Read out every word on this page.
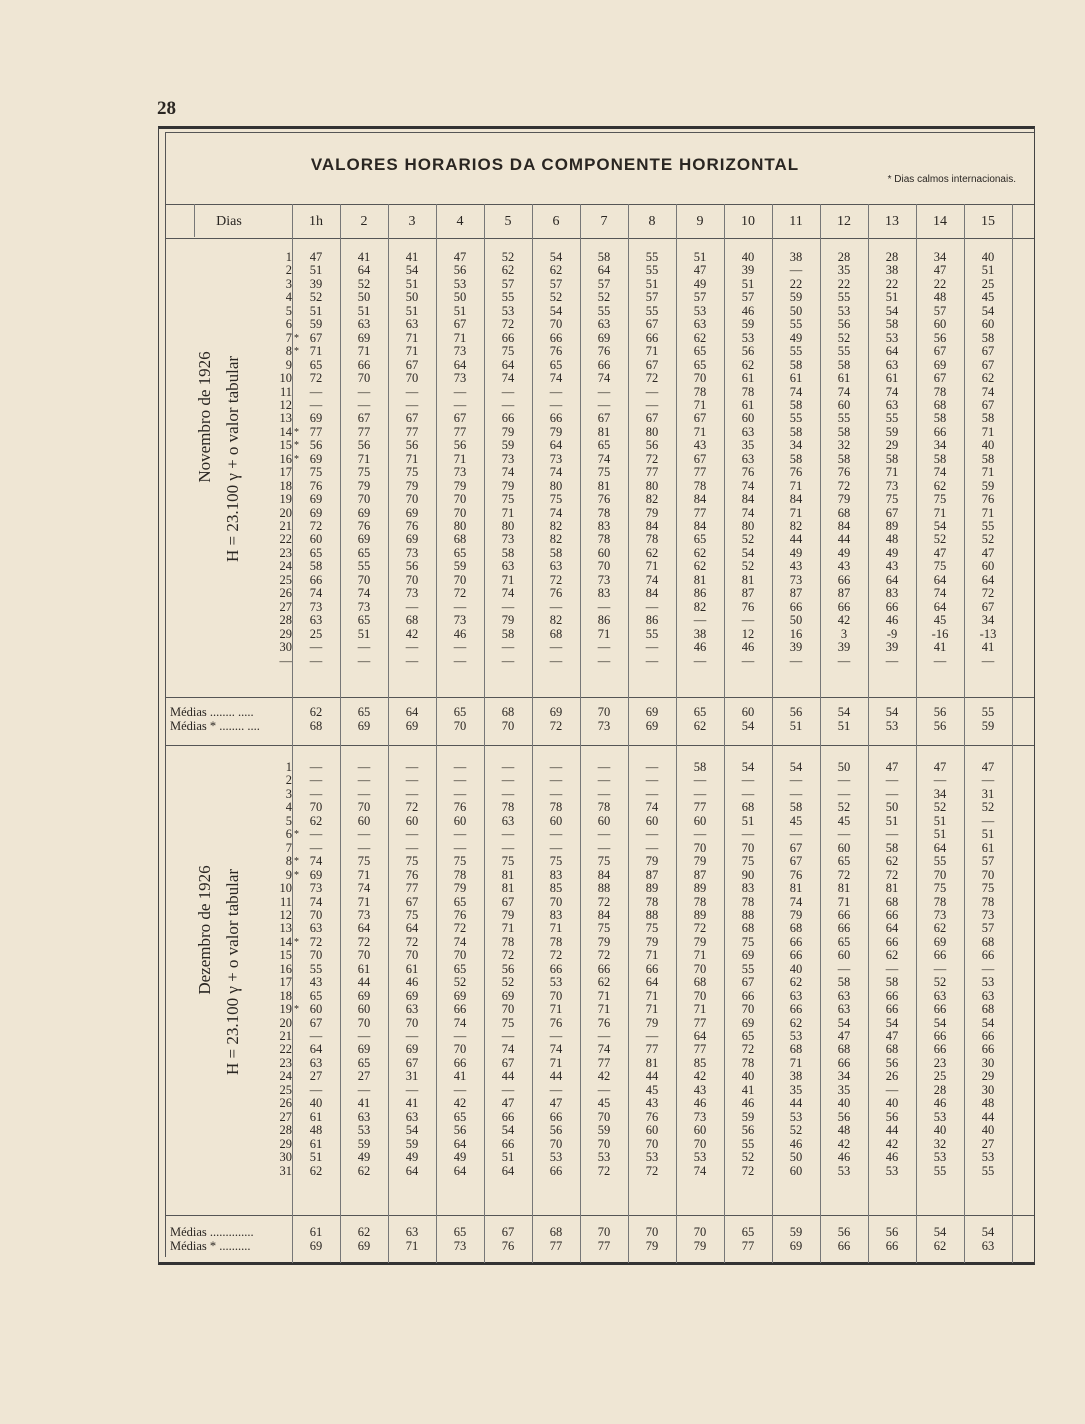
28
VALORES HORARIOS DA COMPONENTE HORIZONTAL
* Dias calmos internacionais.
Dias	1h	2	3	4	5	6	7	8	9	10	11	12	13	14	15
Novembro de 1926 H = 23.100 γ + o valor tabular
1	47	41	41	47	52	54	58	55	51	40	38	28	28	34	40
2	51	64	54	56	62	62	64	55	47	39	—	35	38	47	51
3	39	52	51	53	57	57	57	51	49	51	22	22	22	22	25
4	52	50	50	50	55	52	52	57	57	57	59	55	51	48	45
5	51	51	51	51	53	54	55	55	53	46	50	53	54	57	54
6	59	63	63	67	72	70	63	67	63	59	55	56	58	60	60
7 * 67	69	71	71	66	66	69	66	62	53	49	52	53	56	58
8 * 71	71	71	73	75	76	76	71	65	56	55	55	64	67	67
9	65	66	67	64	64	65	66	67	65	62	58	58	63	69	67
10	72	70	70	73	74	74	74	72	70	61	61	61	61	67	62
11	—	—	—	—	—	—	—	—	78	78	74	74	74	78	74
12	—	—	—	—	—	—	—	—	71	61	58	60	63	68	67
13	69	67	67	67	66	66	67	67	67	60	55	55	55	58	58
14 * 77	77	77	77	79	79	81	80	71	63	58	58	59	66	71
15 * 56	56	56	56	59	64	65	56	43	35	34	32	29	34	40
16 * 69	71	71	71	73	73	74	72	67	63	58	58	58	58	58
17	75	75	75	73	74	74	75	77	77	76	76	76	71	74	71
18	76	79	79	79	79	80	81	80	78	74	71	72	73	62	59
19	69	70	70	70	75	75	76	82	84	84	84	79	75	75	76
20	69	69	69	70	71	74	78	79	77	74	71	68	67	71	71
21	72	76	76	80	80	82	83	84	84	80	82	84	89	54	55
22	60	69	69	68	73	82	78	78	65	52	44	44	48	52	52
23	65	65	73	65	58	58	60	62	62	54	49	49	49	47	47
24	58	55	56	59	63	63	70	71	62	52	43	43	43	75	60
25	66	70	70	70	71	72	73	74	81	81	73	66	64	64	64
26	74	74	73	72	74	76	83	84	86	87	87	87	83	74	72
27	73	73	—	—	—	—	—	—	82	76	66	66	66	64	67
28	63	65	68	73	79	82	86	86	—	—	50	42	46	45	34
29	25	51	42	46	58	68	71	55	38	12	16	3	-9	-16	-13
30	—	—	—	—	—	—	—	—	46	46	39	39	39	41	41
—	—	—	—	—	—	—	—	—	—	—	—	—	—	—	—
Médias ........ .....	62	65	64	65	68	69	70	69	65	60	56	54	54	56	55
Médias * ........ ....	68	69	69	70	70	72	73	69	62	54	51	51	53	56	59
Dezembro de 1926 H = 23.100 γ + o valor tabular
1	—	—	—	—	—	—	—	—	58	54	54	50	47	47	47
2	—	—	—	—	—	—	—	—	—	—	—	—	—	—	—
3	—	—	—	—	—	—	—	—	—	—	—	—	—	34	31
4	70	70	72	76	78	78	78	74	77	68	58	52	50	52	52
5	62	60	60	60	63	60	60	60	60	51	45	45	51	51	—
6 * —	—	—	—	—	—	—	—	—	—	—	—	—	51	51
7	—	—	—	—	—	—	—	—	70	70	67	60	58	64	61
8 * 74	75	75	75	75	75	75	79	79	75	67	65	62	55	57
9 * 69	71	76	78	81	83	84	87	87	90	76	72	72	70	70
10	73	74	77	79	81	85	88	89	89	83	81	81	81	75	75
11	74	71	67	65	67	70	72	78	78	78	74	71	68	78	78
12	70	73	75	76	79	83	84	88	89	88	79	66	66	73	73
13	63	64	64	72	71	71	75	75	72	68	68	66	64	62	57
14 * 72	72	72	74	78	78	79	79	79	75	66	65	66	69	68
15	70	70	70	70	72	72	72	71	71	69	66	60	62	66	66
16	55	61	61	65	56	66	66	66	70	55	40	—	—	—	—
17	43	44	46	52	52	53	62	64	68	67	62	58	58	52	53
18	65	69	69	69	69	70	71	71	70	66	63	63	66	63	63
19 * 60	60	63	66	70	71	71	71	71	70	66	63	66	66	68
20	67	70	70	74	75	76	76	79	77	69	62	54	54	54	54
21	—	—	—	—	—	—	—	—	64	65	53	47	47	66	66
22	64	69	69	70	74	74	74	77	77	72	68	68	68	66	66
23	63	65	67	66	67	71	77	81	85	78	71	66	56	23	30
24	27	27	31	41	44	44	42	44	42	40	38	34	26	25	29
25	—	—	—	—	—	—	—	45	43	41	35	35	—	28	30
26	40	41	41	42	47	47	45	43	46	46	44	40	40	46	48
27	61	63	63	65	66	66	70	76	73	59	53	56	56	53	44
28	48	53	54	56	54	56	59	60	60	56	52	48	44	40	40
29	61	59	59	64	66	70	70	70	70	55	46	42	42	32	27
30	51	49	49	49	51	53	53	53	53	52	50	46	46	53	53
31	62	62	64	64	64	66	72	72	74	72	60	53	53	55	55
Médias ..............	61	62	63	65	67	68	70	70	70	65	59	56	56	54	54
Médias * ..........	69	69	71	73	76	77	77	79	79	77	69	66	66	62	63
